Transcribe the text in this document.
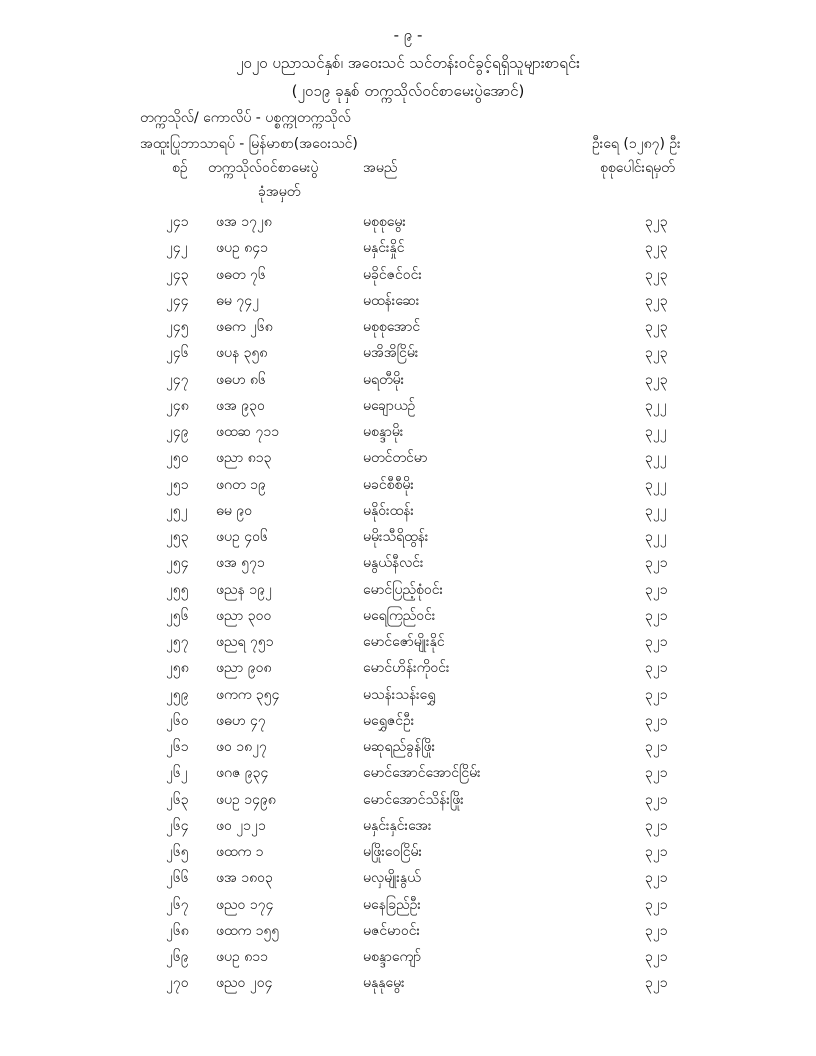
- ၉ -
၂၀၂၀ ပညာသင်နှစ်၊ အဝေးသင် သင်တန်းဝင်ခွင့်ရရှိသူများစာရင်း
(၂၀၁၉ ခုနှစ် တက္ကသိုလ်ဝင်စာမေးပွဲအောင်)
တက္ကသိုလ်/ ကောလိပ် - ပစ္စက္ကုတက္ကသိုလ်
အထူးပြုဘာသာရပ် - မြန်မာစာ(အဝေးသင်)	ဦးရေ (၁၂၈၇) ဦး
စဉ် တက္ကသိုလ်ဝင်စာမေးပွဲ
ခုံအမှတ်
အမည်	စုစုပေါင်းရမှတ်
၂၄၁ ဖအ ၁၇၂၈	မစုစုမွေး	၃၂၃
၂၄၂ ဖပဥ ၈၄၁	မနှင်းနှိုင်	၃၂၃
၂၄၃ ဖဓတ ၇၆	မခိုင်ဇင်ဝင်း	၃၂၃
၂၄၄ ဓမ ၇၄၂	မထန်းဆေး	၃၂၃
၂၄၅ ဖဓက ၂၆၈	မစုစုအောင်	၃၂၃
၂၄၆ ဖပန ၃၅၈	မအိအိငြိမ်း	၃၂၃
၂၄၇ ဖဓဟ ၈၆	မရတီမိုး	၃၂၃
၂၄၈ ဖအ ၉၃၀	မချောယဉ်	၃၂၂
၂၄၉ ဖထဆ ၇၁၁	မစန္ဒာမိုး	၃၂၂
၂၅၀ ဖညာ ၈၁၃	မတင်တင်မာ	၃၂၂
၂၅၁ ဖဂတ ၁၉	မခင်စီစီမိုး	၃၂၂
၂၅၂ ဓမ ၉၀	မနိုဝ်းထန်း	၃၂၂
၂၅၃ ဖပဥ ၄၀၆	မမိုးသီရိထွန်း	၃၂၂
၂၅၄ ဖအ ၅၇၁	မနွယ်နီလင်း	၃၂၁
၂၅၅ ဖညန ၁၉၂	မောင်ပြည့်စုံဝင်း	၃၂၁
၂၅၆ ဖညာ ၃၀၀	မရေကြည်ဝင်း	၃၂၁
၂၅၇ ဖညရ ၇၅၁	မောင်ဇော်မျိုးနိုင်	၃၂၁
၂၅၈ ဖညာ ၉၀၈	မောင်ဟိန်းကိုဝင်း	၃၂၁
၂၅၉ ဖကက ၃၅၄	မသန်းသန်းရွှေ	၃၂၁
၂၆၀ ဖဓဟ ၄၇	မရွှေဇင်ဦး	၃၂၁
၂၆၁ ဖဝ ၁၈၂၇	မဆုရည်ခွန်ဖြိုး	၃၂၁
၂၆၂ ဖဂဇ ၉၃၄	မောင်အောင်အောင်ငြိမ်း	၃၂၁
၂၆၃ ဖပဥ ၁၄၉၈	မောင်အောင်သိန်းဖြိုး	၃၂၁
၂၆၄ ဖဝ ၂၁၂၁	မနှင်းနှင်းအေး	၃၂၁
၂၆၅ ဖထက ၁	မဖြိုးဝေငြိမ်း	၃၂၁
၂၆၆ ဖအ ၁၈၀၃	မလှမျိုးနွယ်	၃၂၁
၂၆၇ ဖညဝ ၁၇၄	မနေခြည်ဦး	၃၂၁
၂၆၈ ဖထက ၁၅၅	မဇင်မာဝင်း	၃၂၁
၂၆၉ ဖပဥ ၈၁၁	မစန္ဒာကျော်	၃၂၁
၂၇၀ ဖညဝ ၂၀၄	မနုနုမွေး	၃၂၁
